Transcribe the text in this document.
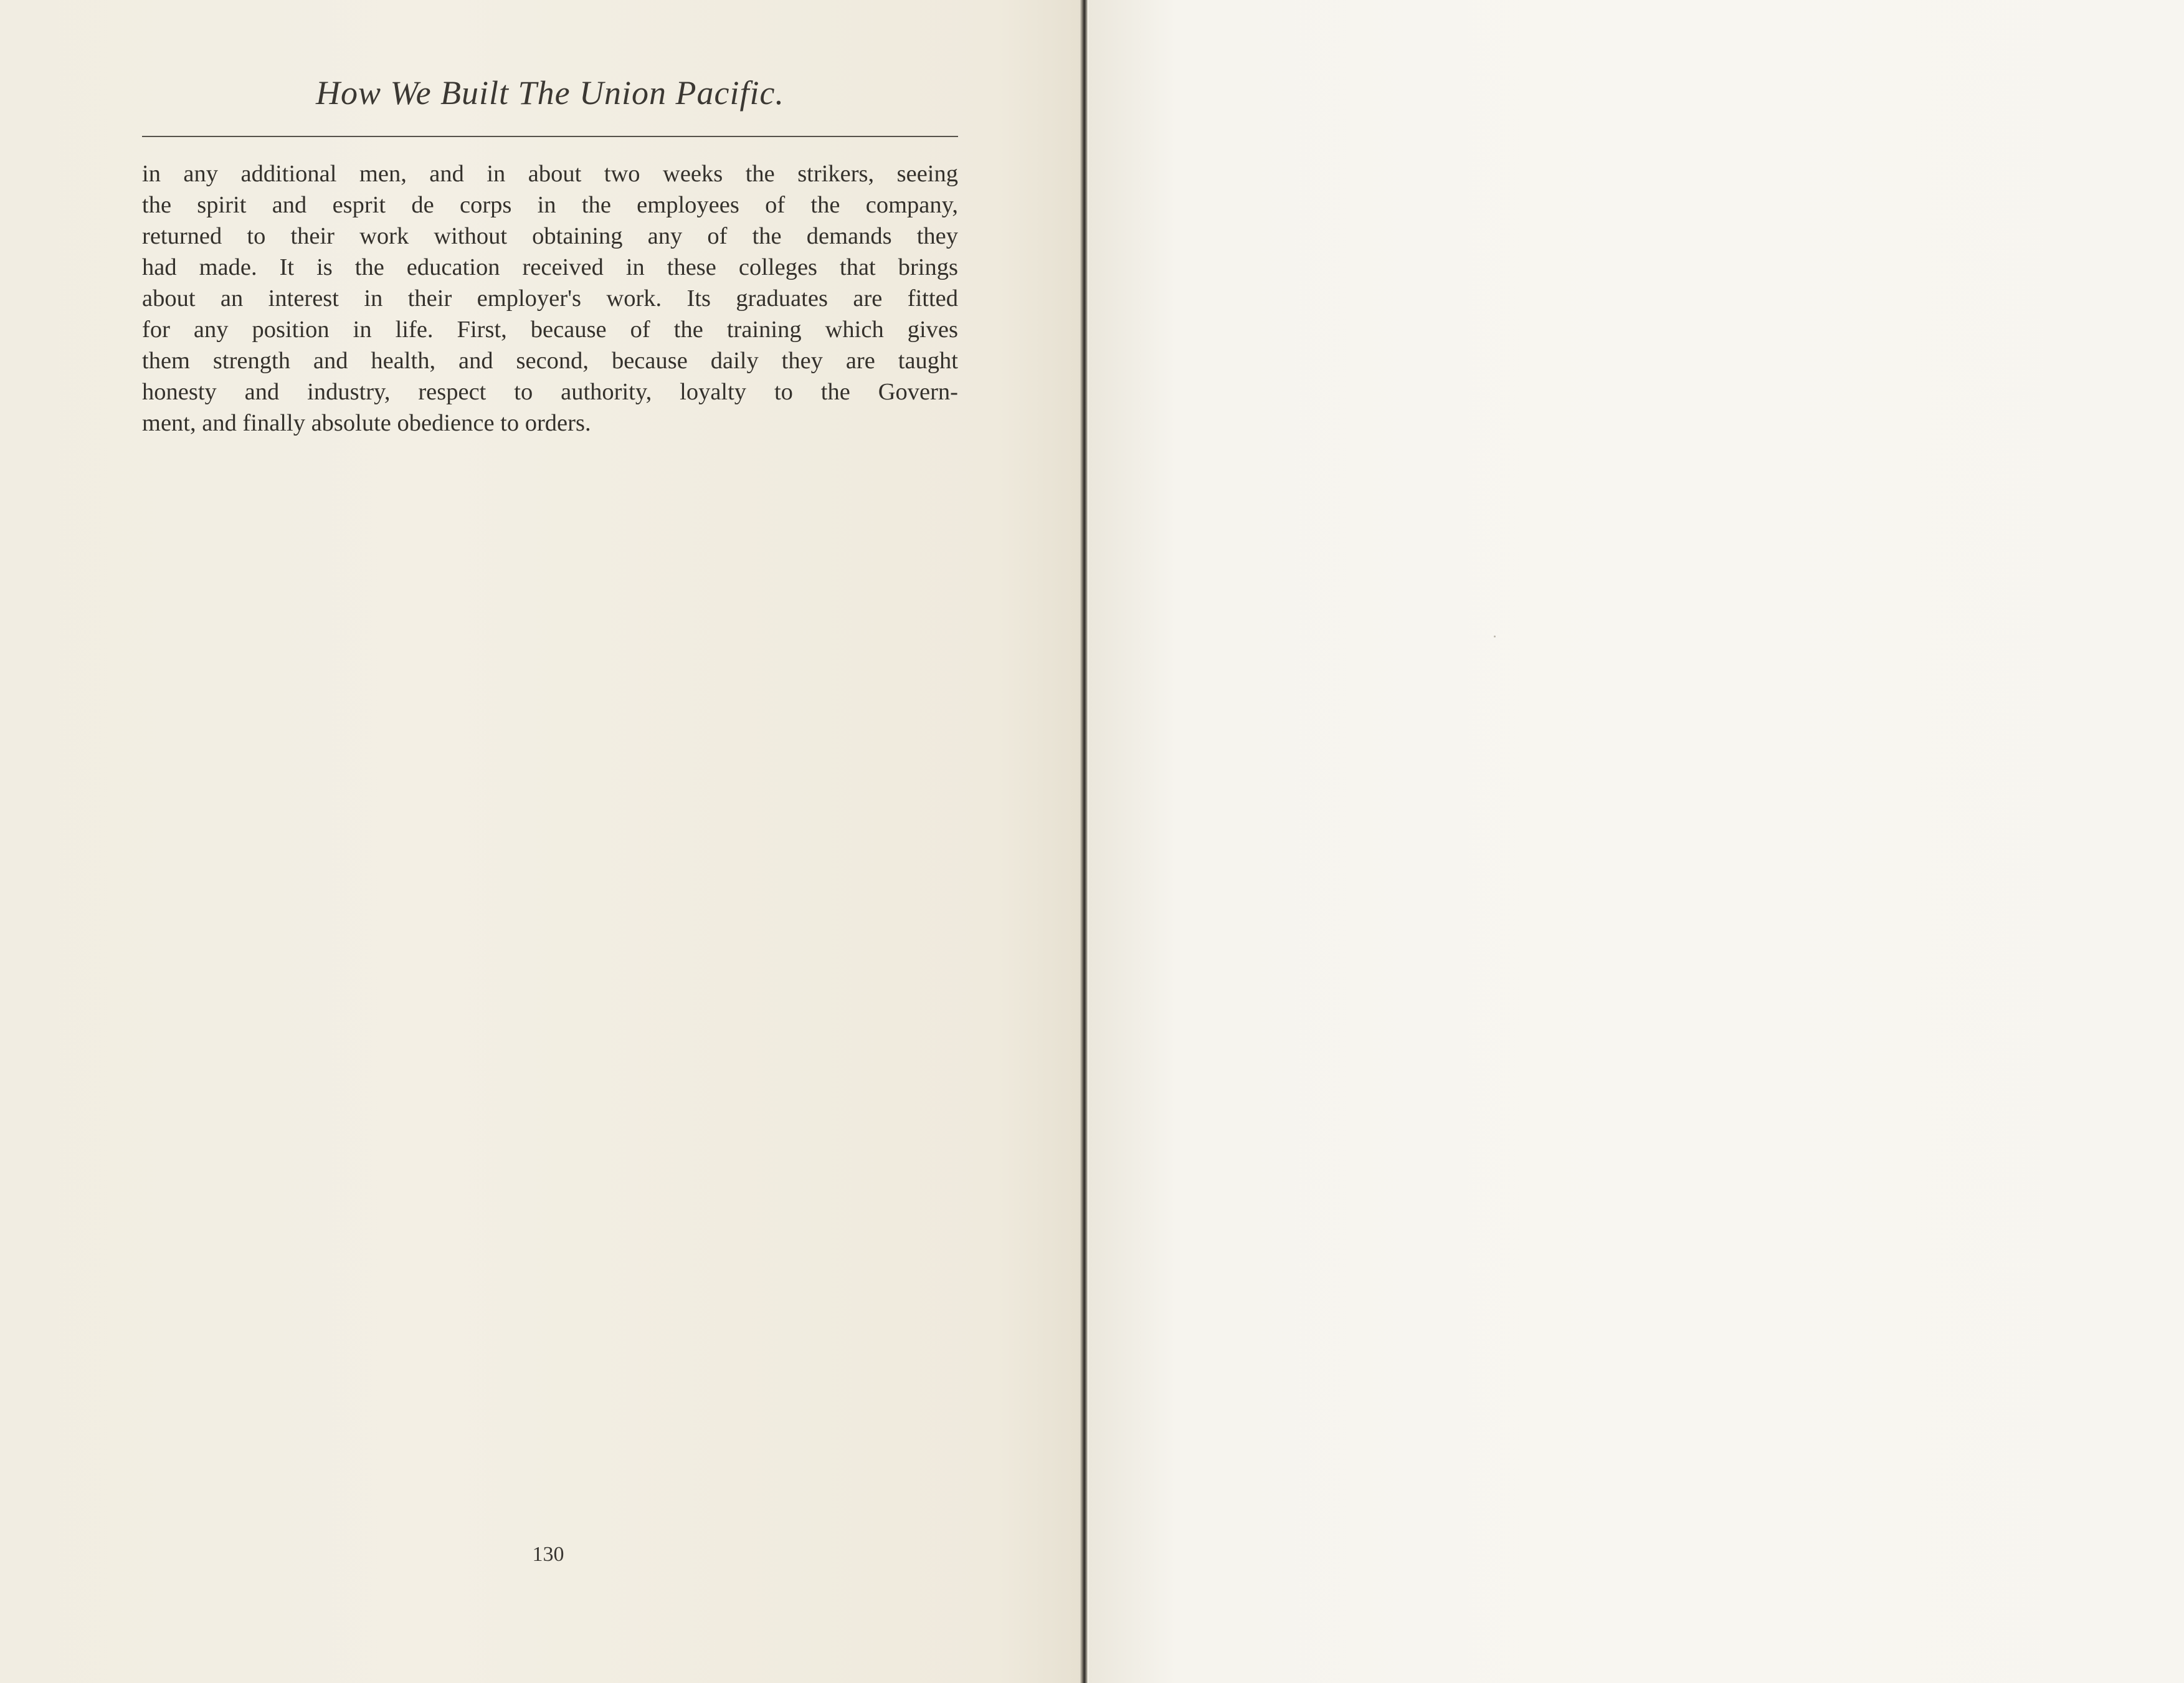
How We Built The Union Pacific.
in any additional men, and in about two weeks the strikers, seeing
the spirit and esprit de corps in the employees of the company,
returned to their work without obtaining any of the demands they
had made. It is the education received in these colleges that brings
about an interest in their employer's work. Its graduates are fitted
for any position in life. First, because of the training which gives
them strength and health, and second, because daily they are taught
honesty and industry, respect to authority, loyalty to the Govern-
ment, and finally absolute obedience to orders.
130
